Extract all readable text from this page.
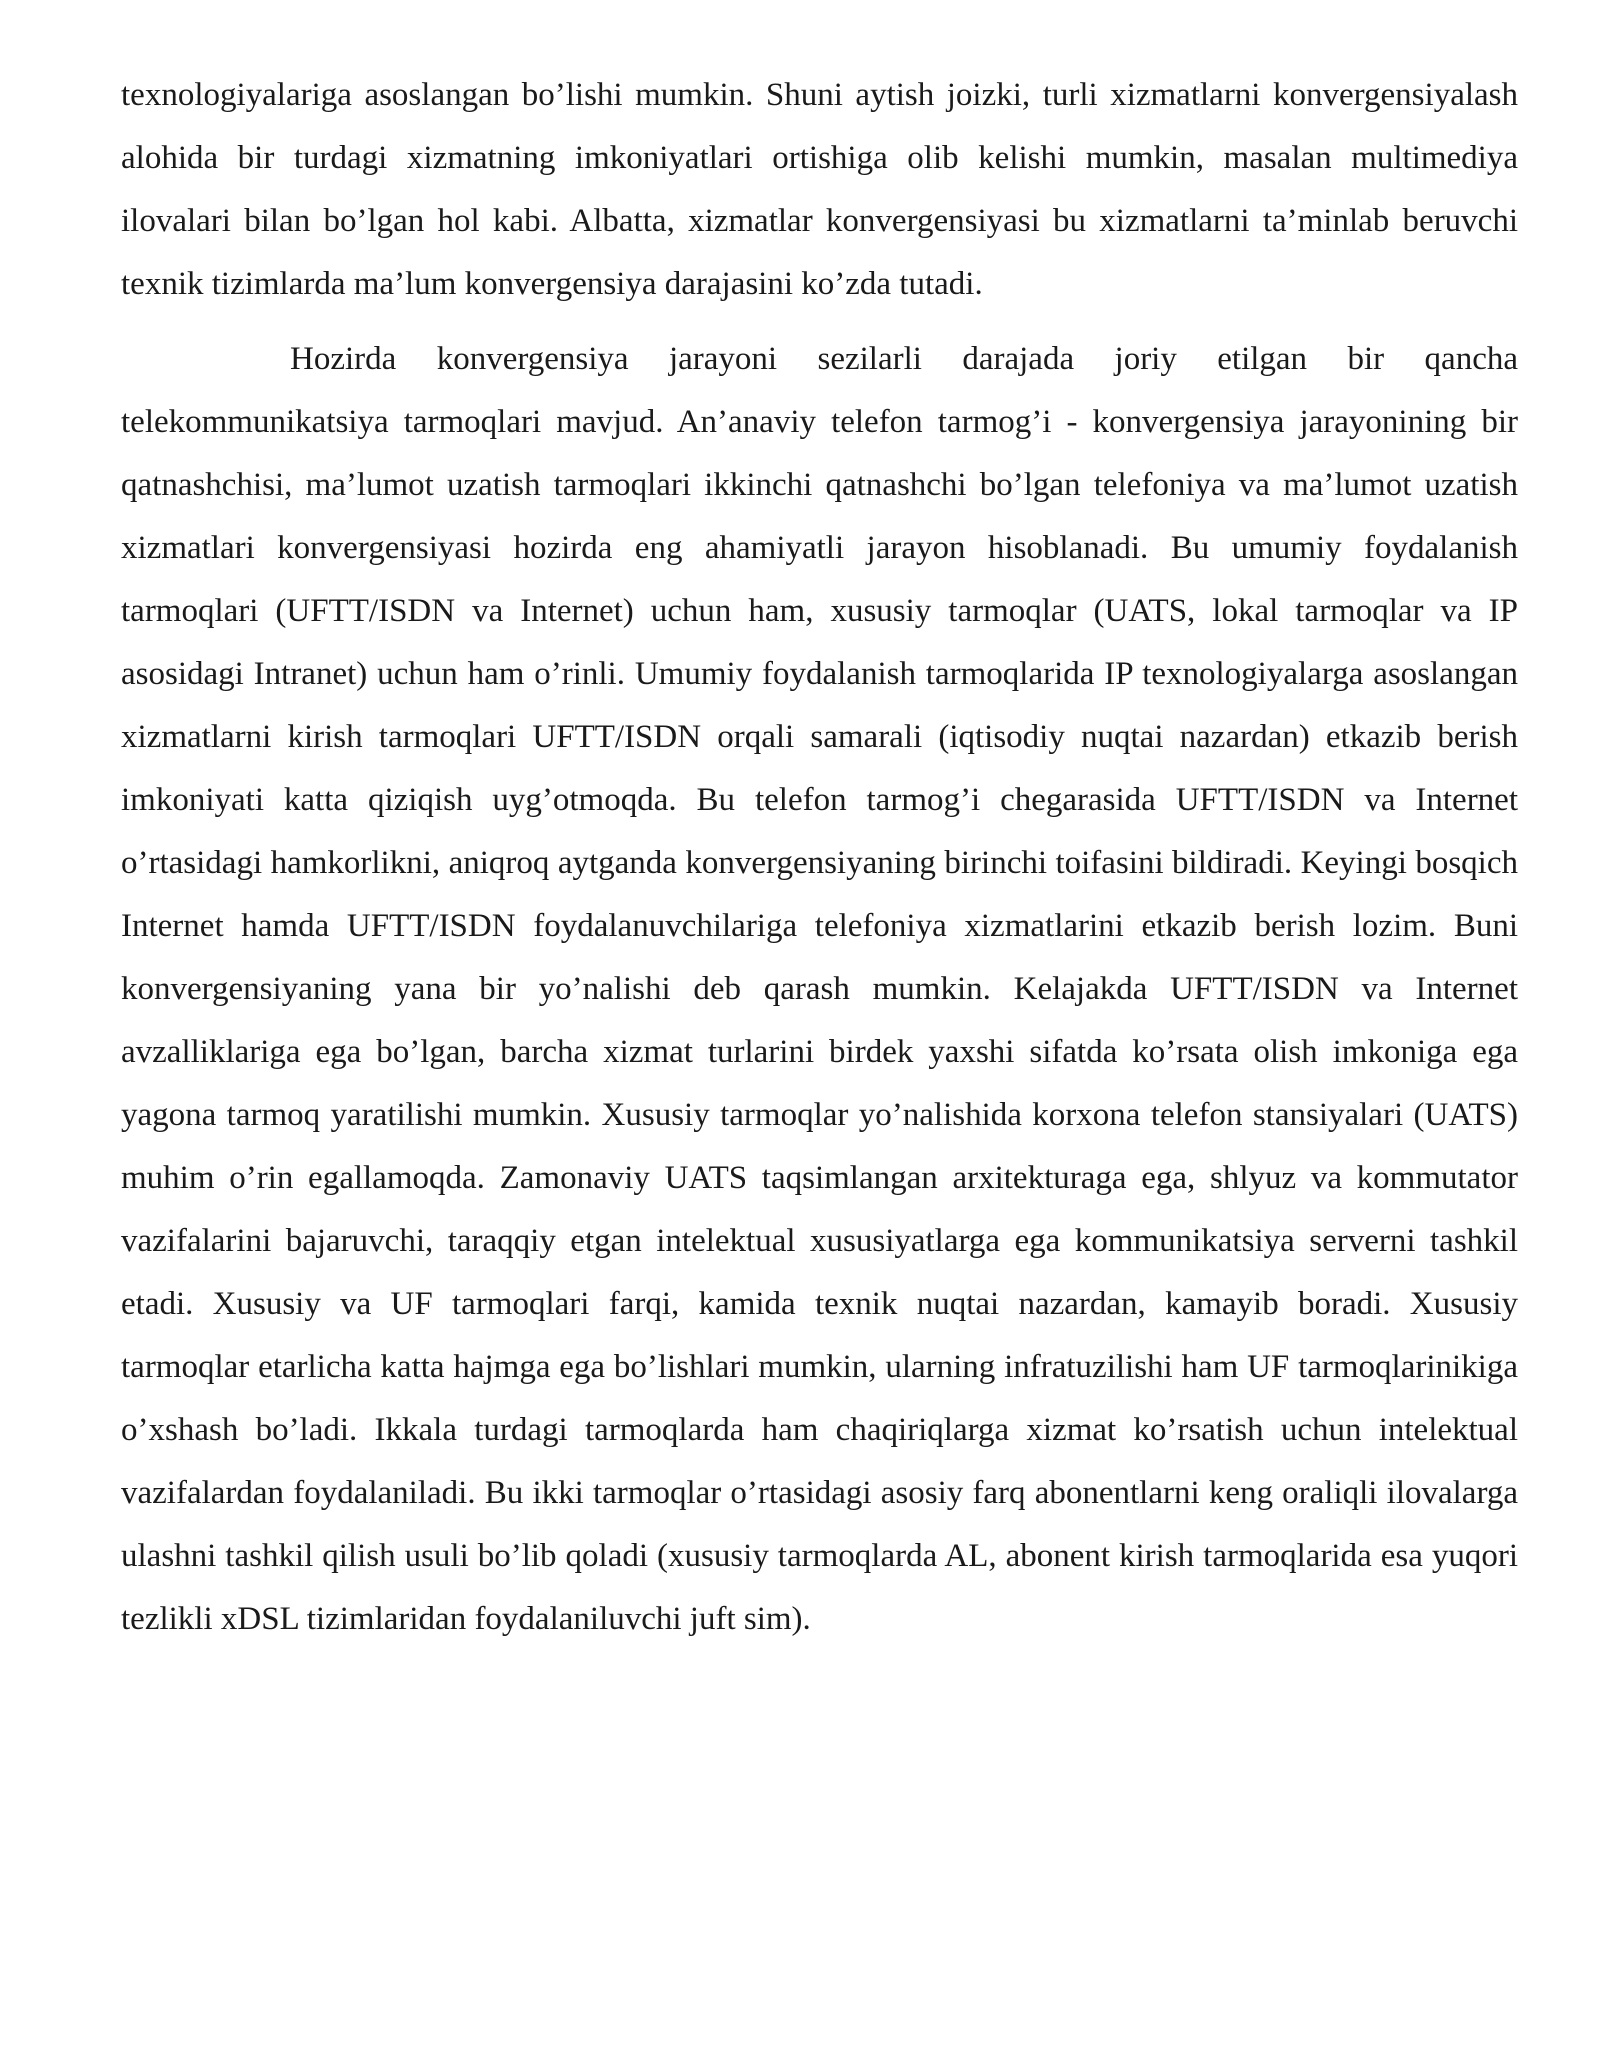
texnologiyalariga asoslangan bo’lishi mumkin. Shuni aytish joizki, turli xizmatlarni konvergensiyalash alohida bir turdagi xizmatning imkoniyatlari ortishiga olib kelishi mumkin, masalan multimediya ilovalari bilan bo’lgan hol kabi. Albatta, xizmatlar konvergensiyasi bu xizmatlarni ta’minlab beruvchi texnik tizimlarda ma’lum konvergensiya darajasini ko’zda tutadi.

Hozirda konvergensiya jarayoni sezilarli darajada joriy etilgan bir qancha telekommunikatsiya tarmoqlari mavjud. An’anaviy telefon tarmog’i - konvergensiya jarayonining bir qatnashchisi, ma’lumot uzatish tarmoqlari ikkinchi qatnashchi bo’lgan telefoniya va ma’lumot uzatish xizmatlari konvergensiyasi hozirda eng ahamiyatli jarayon hisoblanadi. Bu umumiy foydalanish tarmoqlari (UFTT/ISDN va Internet) uchun ham, xususiy tarmoqlar (UATS, lokal tarmoqlar va IP asosidagi Intranet) uchun ham o’rinli. Umumiy foydalanish tarmoqlarida IP texnologiyalarga asoslangan xizmatlarni kirish tarmoqlari UFTT/ISDN orqali samarali (iqtisodiy nuqtai nazardan) etkazib berish imkoniyati katta qiziqish uyg’otmoqda. Bu telefon tarmog’i chegarasida UFTT/ISDN va Internet o’rtasidagi hamkorlikni, aniqroq aytganda konvergensiyaning birinchi toifasini bildiradi. Keyingi bosqich Internet hamda UFTT/ISDN foydalanuvchilariga telefoniya xizmatlarini etkazib berish lozim. Buni konvergensiyaning yana bir yo’nalishi deb qarash mumkin. Kelajakda UFTT/ISDN va Internet avzalliklariga ega bo’lgan, barcha xizmat turlarini birdek yaxshi sifatda ko’rsata olish imkoniga ega yagona tarmoq yaratilishi mumkin. Xususiy tarmoqlar yo’nalishida korxona telefon stansiyalari (UATS) muhim o’rin egallamoqda. Zamonaviy UATS taqsimlangan arxitekturaga ega, shlyuz va kommutator vazifalarini bajaruvchi, taraqqiy etgan intelektual xususiyatlarga ega kommunikatsiya serverni tashkil etadi. Xususiy va UF tarmoqlari farqi, kamida texnik nuqtai nazardan, kamayib boradi. Xususiy tarmoqlar etarlicha katta hajmga ega bo’lishlari mumkin, ularning infratuzilishi ham UF tarmoqlarinikiga o’xshash bo’ladi. Ikkala turdagi tarmoqlarda ham chaqiriqlarga xizmat ko’rsatish uchun intelektual vazifalardan foydalaniladi. Bu ikki tarmoqlar o’rtasidagi asosiy farq abonentlarni keng oraliqli ilovalarga ulashni tashkil qilish usuli bo’lib qoladi (xususiy tarmoqlarda AL, abonent kirish tarmoqlarida esa yuqori tezlikli xDSL tizimlaridan foydalaniluvchi juft sim).
